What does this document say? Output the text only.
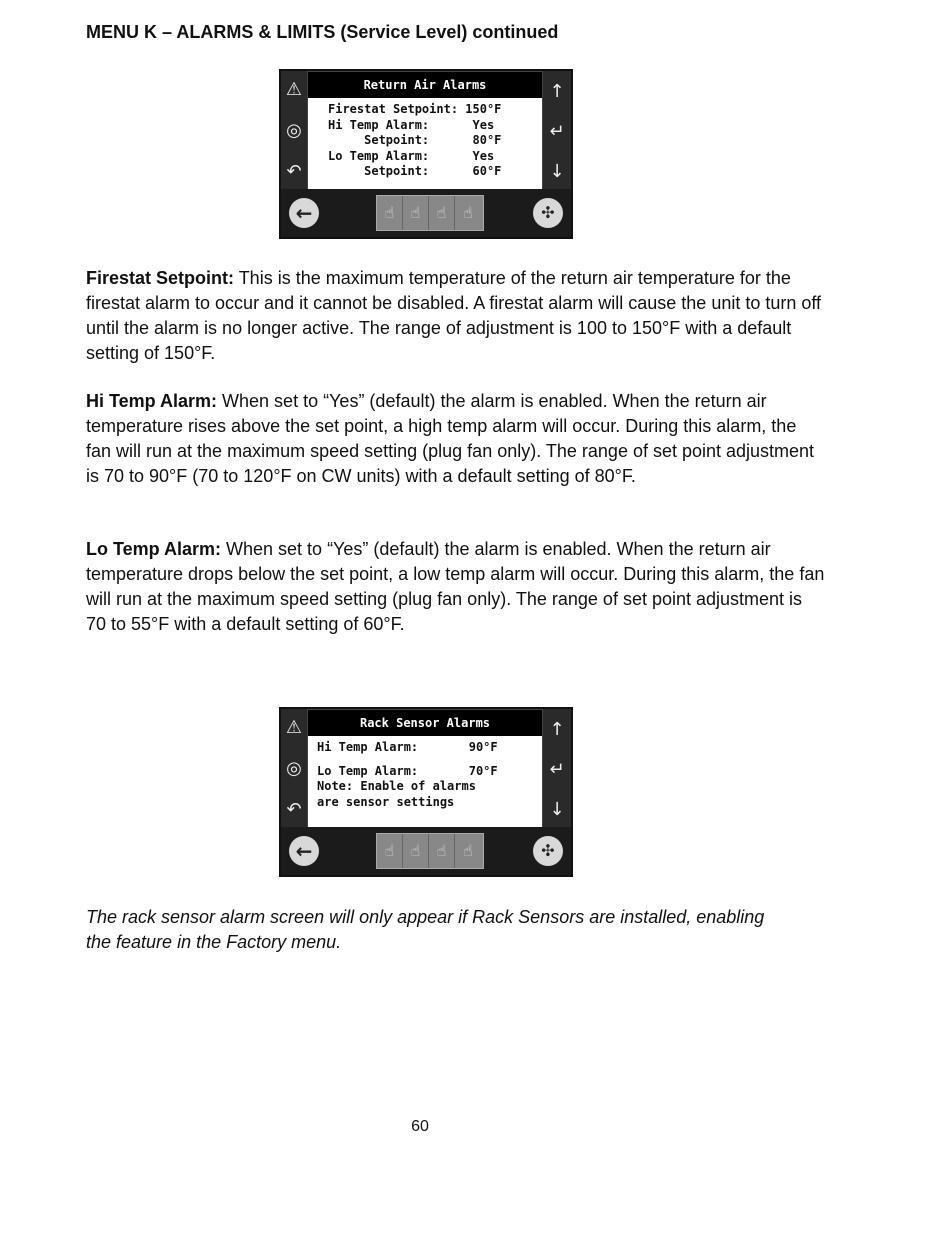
MENU K – ALARMS & LIMITS (Service Level) continued
⚠
◎
↶
Return Air Alarms
Firestat Setpoint: 150°F
Hi Temp Alarm:      Yes
Setpoint:      80°F
Lo Temp Alarm:      Yes
Setpoint:      60°F
↑
↵
↓
←	☝ ☝ ☝ ☝	✣

Firestat Setpoint: This is the maximum temperature of the return air temperature for the firestat alarm to occur and it cannot be disabled. A firestat alarm will cause the unit to turn off until the alarm is no longer active. The range of adjustment is 100 to 150°F with a default setting of 150°F.

Hi Temp Alarm: When set to “Yes” (default) the alarm is enabled. When the return air temperature rises above the set point, a high temp alarm will occur. During this alarm, the fan will run at the maximum speed setting (plug fan only). The range of set point adjustment is 70 to 90°F (70 to 120°F on CW units) with a default setting of 80°F.

Lo Temp Alarm: When set to “Yes” (default) the alarm is enabled. When the return air temperature drops below the set point, a low temp alarm will occur. During this alarm, the fan will run at the maximum speed setting (plug fan only). The range of set point adjustment is 70 to 55°F with a default setting of 60°F.

⚠
◎
↶
Rack Sensor Alarms
Hi Temp Alarm:       90°F
Lo Temp Alarm:       70°F
Note: Enable of alarms
are sensor settings
↑
↵
↓
←	☝ ☝ ☝ ☝	✣

The rack sensor alarm screen will only appear if Rack Sensors are installed, enabling the feature in the Factory menu.

60
